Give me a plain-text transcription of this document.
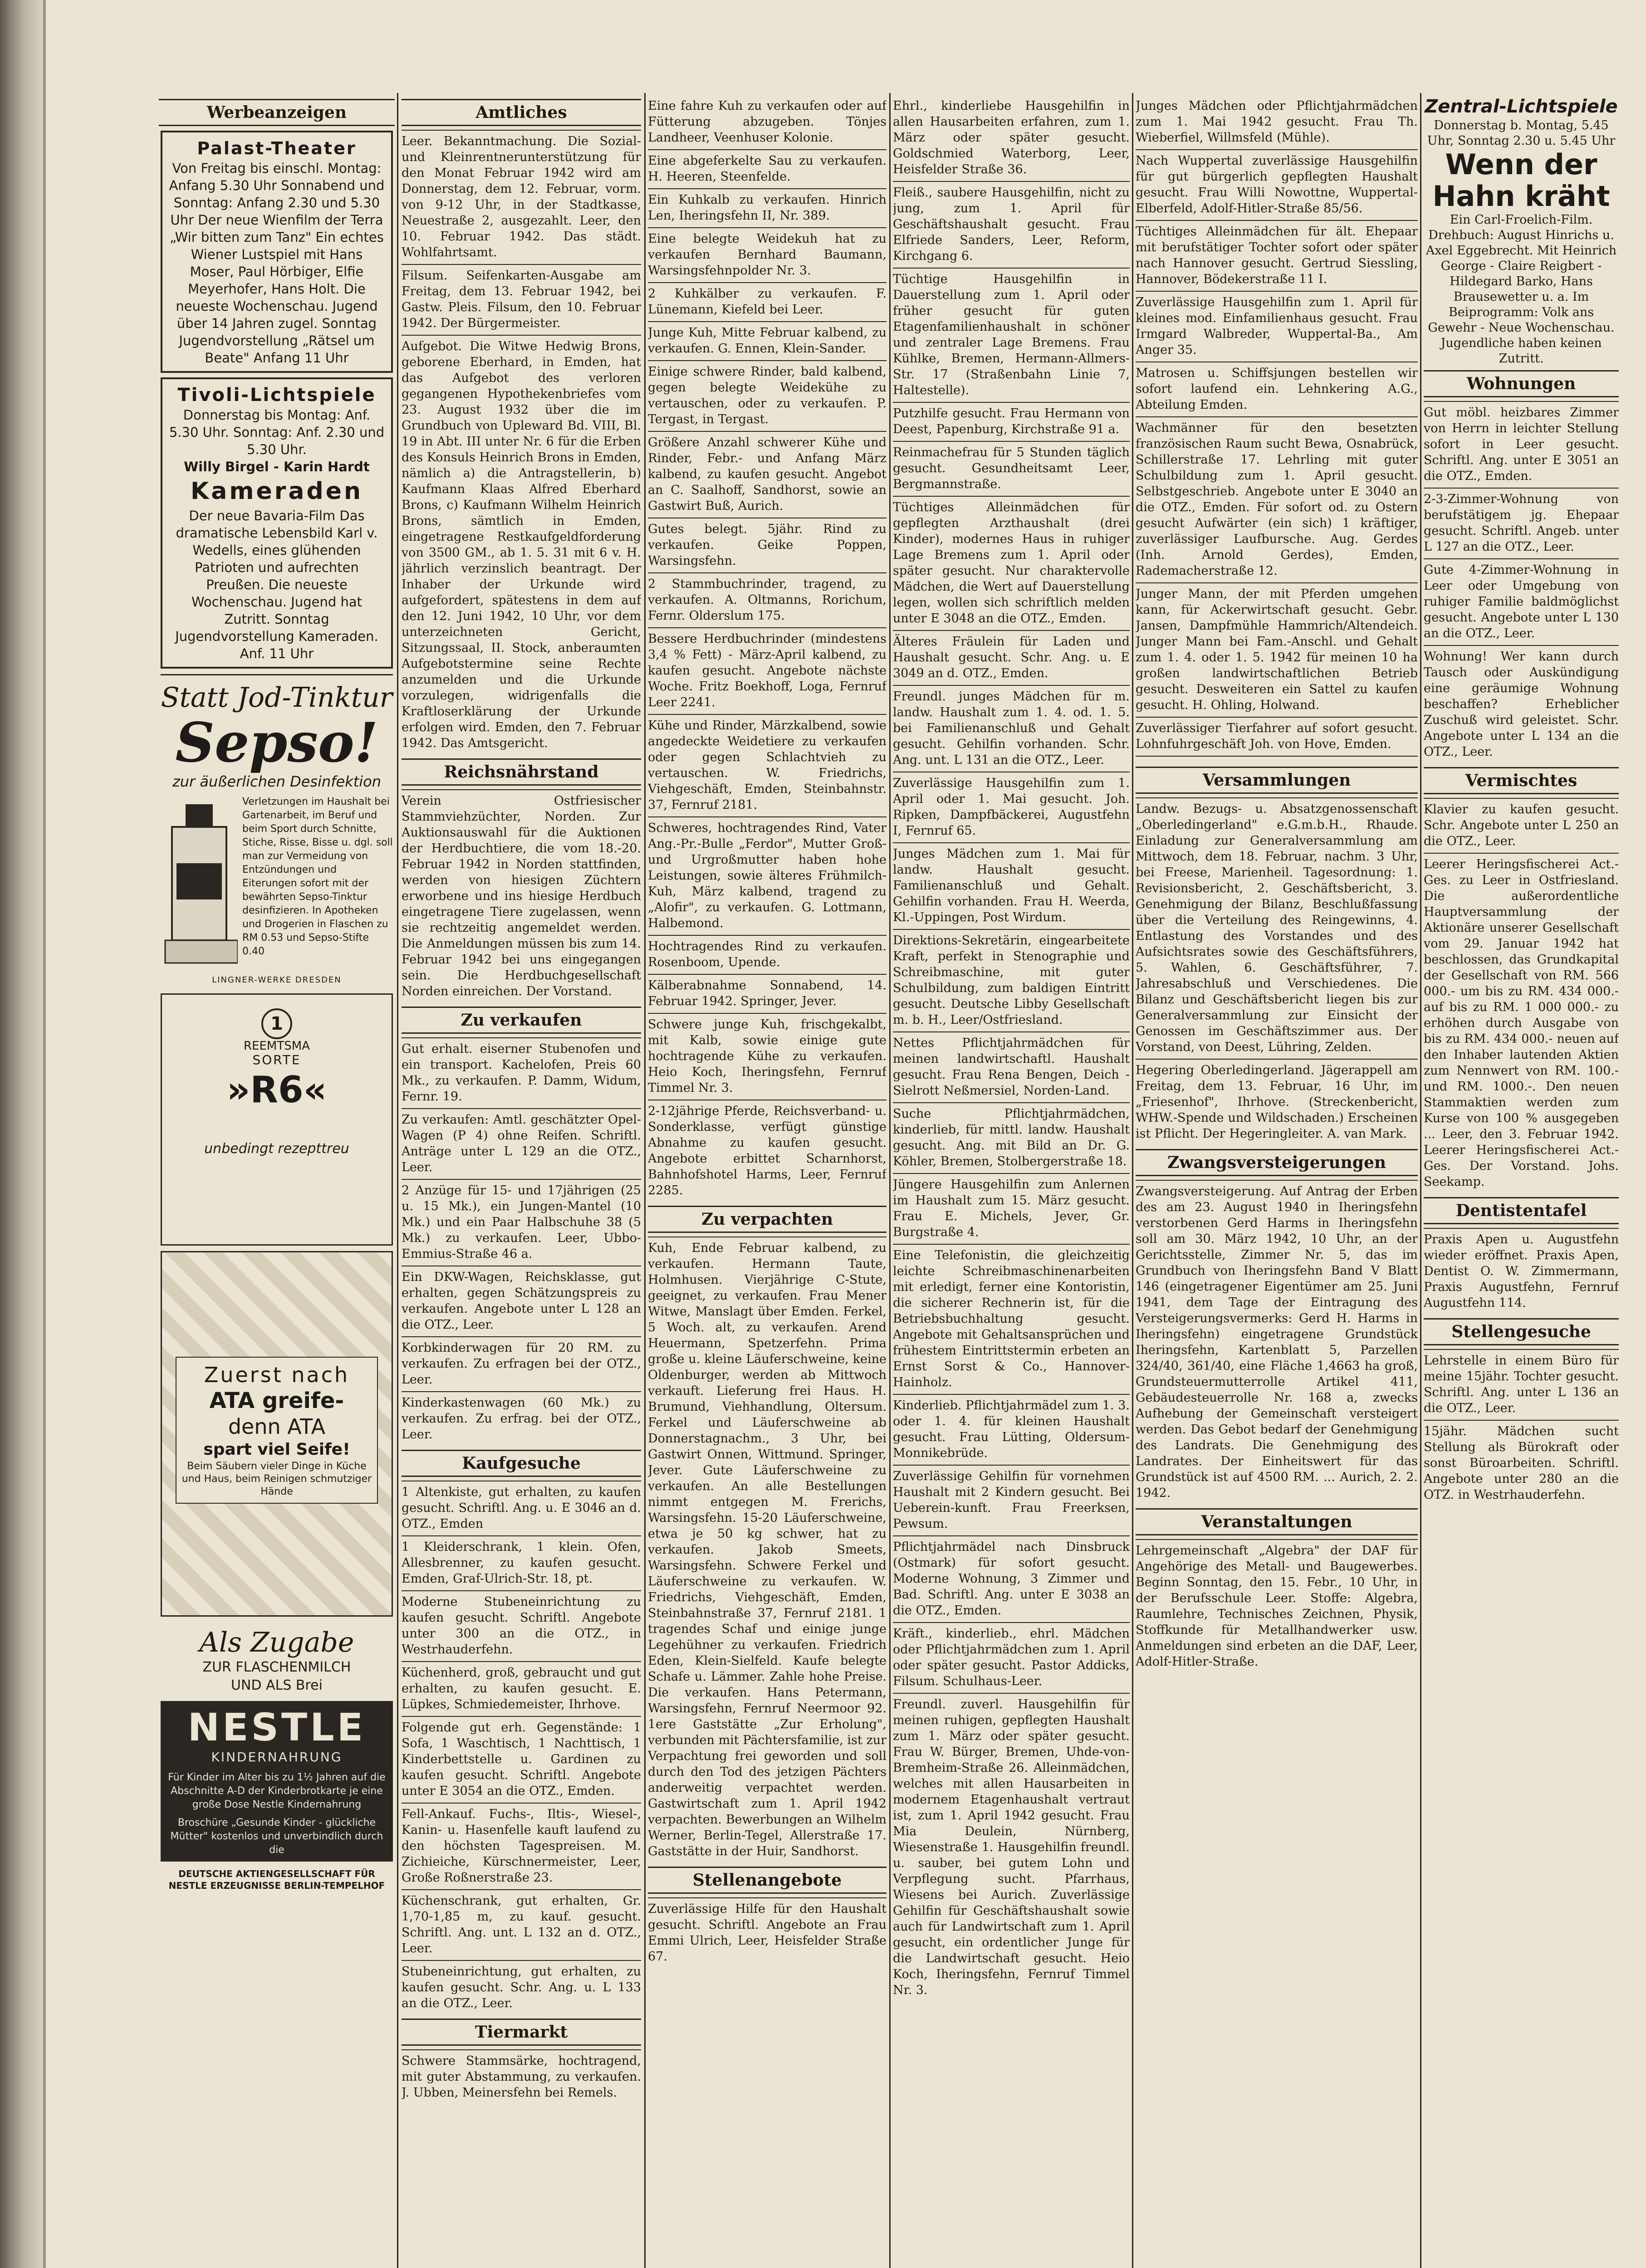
Werbeanzeigen
Palast-Theater
Von Freitag bis einschl. Montag: Anfang 5.30 Uhr Sonnabend und Sonntag: Anfang 2.30 und 5.30 Uhr Der neue Wienfilm der Terra „Wir bitten zum Tanz" Ein echtes Wiener Lustspiel mit Hans Moser, Paul Hörbiger, Elfie Meyerhofer, Hans Holt. Die neueste Wochenschau. Jugend über 14 Jahren zugel. Sonntag Jugendvorstellung „Rätsel um Beate" Anfang 11 Uhr
Tivoli-Lichtspiele
Donnerstag bis Montag: Anf. 5.30 Uhr. Sonntag: Anf. 2.30 und 5.30 Uhr.
Willy Birgel - Karin Hardt
Kameraden
Der neue Bavaria-Film Das dramatische Lebensbild Karl v. Wedells, eines glühenden Patrioten und aufrechten Preußen. Die neueste Wochenschau. Jugend hat Zutritt. Sonntag Jugendvorstellung Kameraden. Anf. 11 Uhr
Statt Jod-Tinktur
Sepso!
zur äußerlichen Desinfektion
Verletzungen im Haushalt bei Gartenarbeit, im Beruf und beim Sport durch Schnitte, Stiche, Risse, Bisse u. dgl. soll man zur Vermeidung von Entzündungen und Eiterungen sofort mit der bewährten Sepso-Tinktur desinfizieren. In Apotheken und Drogerien in Flaschen zu RM 0.53 und Sepso-Stifte 0.40
LINGNER-WERKE DRESDEN
1
REEMTSMA
SORTE
»R6«
unbedingt rezepttreu
Zuerst nach
ATA greife-
denn ATA
spart viel Seife!
Beim Säubern vieler Dinge in Küche und Haus, beim Reinigen schmutziger Hände
Als Zugabe
ZUR FLASCHENMILCH
UND ALS Brei
NESTLE
KINDERNAHRUNG
Für Kinder im Alter bis zu 1½ Jahren auf die Abschnitte A-D der Kinderbrotkarte je eine große Dose Nestle Kindernahrung
Broschüre „Gesunde Kinder - glückliche Mütter" kostenlos und unverbindlich durch die
DEUTSCHE AKTIENGESELLSCHAFT FÜR NESTLE ERZEUGNISSE BERLIN-TEMPELHOF
Amtliches
Leer. Bekanntmachung. Die Sozial- und Kleinrentnerunterstützung für den Monat Februar 1942 wird am Donnerstag, dem 12. Februar, vorm. von 9-12 Uhr, in der Stadtkasse, Neuestraße 2, ausgezahlt. Leer, den 10. Februar 1942. Das städt. Wohlfahrtsamt.
Filsum. Seifenkarten-Ausgabe am Freitag, dem 13. Februar 1942, bei Gastw. Pleis. Filsum, den 10. Februar 1942. Der Bürgermeister.
Aufgebot. Die Witwe Hedwig Brons, geborene Eberhard, in Emden, hat das Aufgebot des verloren gegangenen Hypothekenbriefes vom 23. August 1932 über die im Grundbuch von Upleward Bd. VIII, Bl. 19 in Abt. III unter Nr. 6 für die Erben des Konsuls Heinrich Brons in Emden, nämlich a) die Antragstellerin, b) Kaufmann Klaas Alfred Eberhard Brons, c) Kaufmann Wilhelm Heinrich Brons, sämtlich in Emden, eingetragene Restkaufgeldforderung von 3500 GM., ab 1. 5. 31 mit 6 v. H. jährlich verzinslich beantragt. Der Inhaber der Urkunde wird aufgefordert, spätestens in dem auf den 12. Juni 1942, 10 Uhr, vor dem unterzeichneten Gericht, Sitzungssaal, II. Stock, anberaumten Aufgebotstermine seine Rechte anzumelden und die Urkunde vorzulegen, widrigenfalls die Kraftloserklärung der Urkunde erfolgen wird. Emden, den 7. Februar 1942. Das Amtsgericht.
Reichsnährstand
Verein Ostfriesischer Stammviehzüchter, Norden. Zur Auktionsauswahl für die Auktionen der Herdbuchtiere, die vom 18.-20. Februar 1942 in Norden stattfinden, werden von hiesigen Züchtern erworbene und ins hiesige Herdbuch eingetragene Tiere zugelassen, wenn sie rechtzeitig angemeldet werden. Die Anmeldungen müssen bis zum 14. Februar 1942 bei uns eingegangen sein. Die Herdbuchgesellschaft Norden einreichen. Der Vorstand.
Zu verkaufen
Gut erhalt. eiserner Stubenofen und ein transport. Kachelofen, Preis 60 Mk., zu verkaufen. P. Damm, Widum, Fernr. 19.
Zu verkaufen: Amtl. geschätzter Opel-Wagen (P 4) ohne Reifen. Schriftl. Anträge unter L 129 an die OTZ., Leer.
2 Anzüge für 15- und 17jährigen (25 u. 15 Mk.), ein Jungen-Mantel (10 Mk.) und ein Paar Halbschuhe 38 (5 Mk.) zu verkaufen. Leer, Ubbo-Emmius-Straße 46 a.
Ein DKW-Wagen, Reichsklasse, gut erhalten, gegen Schätzungspreis zu verkaufen. Angebote unter L 128 an die OTZ., Leer.
Korbkinderwagen für 20 RM. zu verkaufen. Zu erfragen bei der OTZ., Leer.
Kinderkastenwagen (60 Mk.) zu verkaufen. Zu erfrag. bei der OTZ., Leer.
Kaufgesuche
1 Altenkiste, gut erhalten, zu kaufen gesucht. Schriftl. Ang. u. E 3046 an d. OTZ., Emden
1 Kleiderschrank, 1 klein. Ofen, Allesbrenner, zu kaufen gesucht. Emden, Graf-Ulrich-Str. 18, pt.
Moderne Stubeneinrichtung zu kaufen gesucht. Schriftl. Angebote unter 300 an die OTZ., in Westrhauderfehn.
Küchenherd, groß, gebraucht und gut erhalten, zu kaufen gesucht. E. Lüpkes, Schmiedemeister, Ihrhove.
Folgende gut erh. Gegenstände: 1 Sofa, 1 Waschtisch, 1 Nachttisch, 1 Kinderbettstelle u. Gardinen zu kaufen gesucht. Schriftl. Angebote unter E 3054 an die OTZ., Emden.
Fell-Ankauf. Fuchs-, Iltis-, Wiesel-, Kanin- u. Hasenfelle kauft laufend zu den höchsten Tagespreisen. M. Zichieiche, Kürschnermeister, Leer, Große Roßnerstraße 23.
Küchenschrank, gut erhalten, Gr. 1,70-1,85 m, zu kauf. gesucht. Schriftl. Ang. unt. L 132 an d. OTZ., Leer.
Stubeneinrichtung, gut erhalten, zu kaufen gesucht. Schr. Ang. u. L 133 an die OTZ., Leer.
Tiermarkt
Schwere Stammsärke, hochtragend, mit guter Abstammung, zu verkaufen. J. Ubben, Meinersfehn bei Remels.
Eine fahre Kuh zu verkaufen oder auf Fütterung abzugeben. Tönjes Landheer, Veenhuser Kolonie.
Eine abgeferkelte Sau zu verkaufen. H. Heeren, Steenfelde.
Ein Kuhkalb zu verkaufen. Hinrich Len, Iheringsfehn II, Nr. 389.
Eine belegte Weidekuh hat zu verkaufen Bernhard Baumann, Warsingsfehnpolder Nr. 3.
2 Kuhkälber zu verkaufen. F. Lünemann, Kiefeld bei Leer.
Junge Kuh, Mitte Februar kalbend, zu verkaufen. G. Ennen, Klein-Sander.
Einige schwere Rinder, bald kalbend, gegen belegte Weidekühe zu vertauschen, oder zu verkaufen. P. Tergast, in Tergast.
Größere Anzahl schwerer Kühe und Rinder, Febr.- und Anfang März kalbend, zu kaufen gesucht. Angebot an C. Saalhoff, Sandhorst, sowie an Gastwirt Buß, Aurich.
Gutes belegt. 5jähr. Rind zu verkaufen. Geike Poppen, Warsingsfehn.
2 Stammbuchrinder, tragend, zu verkaufen. A. Oltmanns, Rorichum, Fernr. Olderslum 175.
Bessere Herdbuchrinder (mindestens 3,4 % Fett) - März-April kalbend, zu kaufen gesucht. Angebote nächste Woche. Fritz Boekhoff, Loga, Fernruf Leer 2241.
Kühe und Rinder, Märzkalbend, sowie angedeckte Weidetiere zu verkaufen oder gegen Schlachtvieh zu vertauschen. W. Friedrichs, Viehgeschäft, Emden, Steinbahnstr. 37, Fernruf 2181.
Schweres, hochtragendes Rind, Vater Ang.-Pr.-Bulle „Ferdor", Mutter Groß- und Urgroßmutter haben hohe Leistungen, sowie älteres Frühmilch-Kuh, März kalbend, tragend zu „Alofir", zu verkaufen. G. Lottmann, Halbemond.
Hochtragendes Rind zu verkaufen. Rosenboom, Upende.
Kälberabnahme Sonnabend, 14. Februar 1942. Springer, Jever.
Schwere junge Kuh, frischgekalbt, mit Kalb, sowie einige gute hochtragende Kühe zu verkaufen. Heio Koch, Iheringsfehn, Fernruf Timmel Nr. 3.
2-12jährige Pferde, Reichsverband- u. Sonderklasse, verfügt günstige Abnahme zu kaufen gesucht. Angebote erbittet Scharnhorst, Bahnhofshotel Harms, Leer, Fernruf 2285.
Zu verpachten
Kuh, Ende Februar kalbend, zu verkaufen. Hermann Taute, Holmhusen. Vierjährige C-Stute, geeignet, zu verkaufen. Frau Mener Witwe, Manslagt über Emden. Ferkel, 5 Woch. alt, zu verkaufen. Arend Heuermann, Spetzerfehn. Prima große u. kleine Läuferschweine, keine Oldenburger, werden ab Mittwoch verkauft. Lieferung frei Haus. H. Brumund, Viehhandlung, Oltersum. Ferkel und Läuferschweine ab Donnerstagnachm., 3 Uhr, bei Gastwirt Onnen, Wittmund. Springer, Jever. Gute Läuferschweine zu verkaufen. An alle Bestellungen nimmt entgegen M. Frerichs, Warsingsfehn. 15-20 Läuferschweine, etwa je 50 kg schwer, hat zu verkaufen. Jakob Smeets, Warsingsfehn. Schwere Ferkel und Läuferschweine zu verkaufen. W. Friedrichs, Viehgeschäft, Emden, Steinbahnstraße 37, Fernruf 2181. 1 tragendes Schaf und einige junge Legehühner zu verkaufen. Friedrich Eden, Klein-Sielfeld. Kaufe belegte Schafe u. Lämmer. Zahle hohe Preise. Die verkaufen. Hans Petermann, Warsingsfehn, Fernruf Neermoor 92. 1ere Gaststätte „Zur Erholung", verbunden mit Pächtersfamilie, ist zur Verpachtung frei geworden und soll durch den Tod des jetzigen Pächters anderweitig verpachtet werden. Gastwirtschaft zum 1. April 1942 verpachten. Bewerbungen an Wilhelm Werner, Berlin-Tegel, Allerstraße 17. Gaststätte in der Huir, Sandhorst.
Stellenangebote
Zuverlässige Hilfe für den Haushalt gesucht. Schriftl. Angebote an Frau Emmi Ulrich, Leer, Heisfelder Straße 67.
Ehrl., kinderliebe Hausgehilfin in allen Hausarbeiten erfahren, zum 1. März oder später gesucht. Goldschmied Waterborg, Leer, Heisfelder Straße 36.
Fleiß., saubere Hausgehilfin, nicht zu jung, zum 1. April für Geschäftshaushalt gesucht. Frau Elfriede Sanders, Leer, Reform, Kirchgang 6.
Tüchtige Hausgehilfin in Dauerstellung zum 1. April oder früher gesucht für guten Etagenfamilienhaushalt in schöner und zentraler Lage Bremens. Frau Kühlke, Bremen, Hermann-Allmers-Str. 17 (Straßenbahn Linie 7, Haltestelle).
Putzhilfe gesucht. Frau Hermann von Deest, Papenburg, Kirchstraße 91 a.
Reinmachefrau für 5 Stunden täglich gesucht. Gesundheitsamt Leer, Bergmannstraße.
Tüchtiges Alleinmädchen für gepflegten Arzthaushalt (drei Kinder), modernes Haus in ruhiger Lage Bremens zum 1. April oder später gesucht. Nur charaktervolle Mädchen, die Wert auf Dauerstellung legen, wollen sich schriftlich melden unter E 3048 an die OTZ., Emden.
Älteres Fräulein für Laden und Haushalt gesucht. Schr. Ang. u. E 3049 an d. OTZ., Emden.
Freundl. junges Mädchen für m. landw. Haushalt zum 1. 4. od. 1. 5. bei Familienanschluß und Gehalt gesucht. Gehilfin vorhanden. Schr. Ang. unt. L 131 an die OTZ., Leer.
Zuverlässige Hausgehilfin zum 1. April oder 1. Mai gesucht. Joh. Ripken, Dampfbäckerei, Augustfehn I, Fernruf 65.
Junges Mädchen zum 1. Mai für landw. Haushalt gesucht. Familienanschluß und Gehalt. Gehilfin vorhanden. Frau H. Weerda, Kl.-Uppingen, Post Wirdum.
Direktions-Sekretärin, eingearbeitete Kraft, perfekt in Stenographie und Schreibmaschine, mit guter Schulbildung, zum baldigen Eintritt gesucht. Deutsche Libby Gesellschaft m. b. H., Leer/Ostfriesland.
Nettes Pflichtjahrmädchen für meinen landwirtschaftl. Haushalt gesucht. Frau Rena Bengen, Deich - Sielrott Neßmersiel, Norden-Land.
Suche Pflichtjahrmädchen, kinderlieb, für mittl. landw. Haushalt gesucht. Ang. mit Bild an Dr. G. Köhler, Bremen, Stolbergerstraße 18.
Jüngere Hausgehilfin zum Anlernen im Haushalt zum 15. März gesucht. Frau E. Michels, Jever, Gr. Burgstraße 4.
Eine Telefonistin, die gleichzeitig leichte Schreibmaschinenarbeiten mit erledigt, ferner eine Kontoristin, die sicherer Rechnerin ist, für die Betriebsbuchhaltung gesucht. Angebote mit Gehaltsansprüchen und frühestem Eintrittstermin erbeten an Ernst Sorst & Co., Hannover-Hainholz.
Kinderlieb. Pflichtjahrmädel zum 1. 3. oder 1. 4. für kleinen Haushalt gesucht. Frau Lütting, Oldersum-Monnikebrüde.
Zuverlässige Gehilfin für vornehmen Haushalt mit 2 Kindern gesucht. Bei Ueberein-kunft. Frau Freerksen, Pewsum.
Pflichtjahrmädel nach Dinsbruck (Ostmark) für sofort gesucht. Moderne Wohnung, 3 Zimmer und Bad. Schriftl. Ang. unter E 3038 an die OTZ., Emden.
Kräft., kinderlieb., ehrl. Mädchen oder Pflichtjahrmädchen zum 1. April oder später gesucht. Pastor Addicks, Filsum. Schulhaus-Leer.
Freundl. zuverl. Hausgehilfin für meinen ruhigen, gepflegten Haushalt zum 1. März oder später gesucht. Frau W. Bürger, Bremen, Uhde-von-Bremheim-Straße 26. Alleinmädchen, welches mit allen Hausarbeiten in modernem Etagenhaushalt vertraut ist, zum 1. April 1942 gesucht. Frau Mia Deulein, Nürnberg, Wiesenstraße 1. Hausgehilfin freundl. u. sauber, bei gutem Lohn und Verpflegung sucht. Pfarrhaus, Wiesens bei Aurich. Zuverlässige Gehilfin für Geschäftshaushalt sowie auch für Landwirtschaft zum 1. April gesucht, ein ordentlicher Junge für die Landwirtschaft gesucht. Heio Koch, Iheringsfehn, Fernruf Timmel Nr. 3.
Junges Mädchen oder Pflichtjahrmädchen zum 1. Mai 1942 gesucht. Frau Th. Wieberfiel, Willmsfeld (Mühle).
Nach Wuppertal zuverlässige Hausgehilfin für gut bürgerlich gepflegten Haushalt gesucht. Frau Willi Nowottne, Wuppertal-Elberfeld, Adolf-Hitler-Straße 85/56.
Tüchtiges Alleinmädchen für ält. Ehepaar mit berufstätiger Tochter sofort oder später nach Hannover gesucht. Gertrud Siessling, Hannover, Bödekerstraße 11 I.
Zuverlässige Hausgehilfin zum 1. April für kleines mod. Einfamilienhaus gesucht. Frau Irmgard Walbreder, Wuppertal-Ba., Am Anger 35.
Matrosen u. Schiffsjungen bestellen wir sofort laufend ein. Lehnkering A.G., Abteilung Emden.
Wachmänner für den besetzten französischen Raum sucht Bewa, Osnabrück, Schillerstraße 17. Lehrling mit guter Schulbildung zum 1. April gesucht. Selbstgeschrieb. Angebote unter E 3040 an die OTZ., Emden. Für sofort od. zu Ostern gesucht Aufwärter (ein sich) 1 kräftiger, zuverlässiger Laufbursche. Aug. Gerdes (Inh. Arnold Gerdes), Emden, Rademacherstraße 12.
Junger Mann, der mit Pferden umgehen kann, für Ackerwirtschaft gesucht. Gebr. Jansen, Dampfmühle Hammrich/Altendeich. Junger Mann bei Fam.-Anschl. und Gehalt zum 1. 4. oder 1. 5. 1942 für meinen 10 ha großen landwirtschaftlichen Betrieb gesucht. Desweiteren ein Sattel zu kaufen gesucht. H. Ohling, Holwand.
Zuverlässiger Tierfahrer auf sofort gesucht. Lohnfuhrgeschäft Joh. von Hove, Emden.
Versammlungen
Landw. Bezugs- u. Absatzgenossenschaft „Oberledingerland" e.G.m.b.H., Rhaude. Einladung zur Generalversammlung am Mittwoch, dem 18. Februar, nachm. 3 Uhr, bei Freese, Marienheil. Tagesordnung: 1. Revisionsbericht, 2. Geschäftsbericht, 3. Genehmigung der Bilanz, Beschlußfassung über die Verteilung des Reingewinns, 4. Entlastung des Vorstandes und des Aufsichtsrates sowie des Geschäftsführers, 5. Wahlen, 6. Geschäftsführer, 7. Jahresabschluß und Verschiedenes. Die Bilanz und Geschäftsbericht liegen bis zur Generalversammlung zur Einsicht der Genossen im Geschäftszimmer aus. Der Vorstand, von Deest, Lühring, Zelden.
Hegering Oberledingerland. Jägerappell am Freitag, dem 13. Februar, 16 Uhr, im „Friesenhof", Ihrhove. (Streckenbericht, WHW.-Spende und Wildschaden.) Erscheinen ist Pflicht. Der Hegeringleiter. A. van Mark.
Zwangsversteigerungen
Zwangsversteigerung. Auf Antrag der Erben des am 23. August 1940 in Iheringsfehn verstorbenen Gerd Harms in Iheringsfehn soll am 30. März 1942, 10 Uhr, an der Gerichtsstelle, Zimmer Nr. 5, das im Grundbuch von Iheringsfehn Band V Blatt 146 (eingetragener Eigentümer am 25. Juni 1941, dem Tage der Eintragung des Versteigerungsvermerks: Gerd H. Harms in Iheringsfehn) eingetragene Grundstück Iheringsfehn, Kartenblatt 5, Parzellen 324/40, 361/40, eine Fläche 1,4663 ha groß, Grundsteuermutterrolle Artikel 411, Gebäudesteuerrolle Nr. 168 a, zwecks Aufhebung der Gemeinschaft versteigert werden. Das Gebot bedarf der Genehmigung des Landrats. Die Genehmigung des Landrates. Der Einheitswert für das Grundstück ist auf 4500 RM. ... Aurich, 2. 2. 1942.
Veranstaltungen
Lehrgemeinschaft „Algebra" der DAF für Angehörige des Metall- und Baugewerbes. Beginn Sonntag, den 15. Febr., 10 Uhr, in der Berufsschule Leer. Stoffe: Algebra, Raumlehre, Technisches Zeichnen, Physik, Stoffkunde für Metallhandwerker usw. Anmeldungen sind erbeten an die DAF, Leer, Adolf-Hitler-Straße.
Zentral-Lichtspiele
Donnerstag b. Montag, 5.45 Uhr, Sonntag 2.30 u. 5.45 Uhr
Wenn der Hahn kräht
Ein Carl-Froelich-Film. Drehbuch: August Hinrichs u. Axel Eggebrecht. Mit Heinrich George - Claire Reigbert - Hildegard Barko, Hans Brausewetter u. a. Im Beiprogramm: Volk ans Gewehr - Neue Wochenschau. Jugendliche haben keinen Zutritt.
Wohnungen
Gut möbl. heizbares Zimmer von Herrn in leichter Stellung sofort in Leer gesucht. Schriftl. Ang. unter E 3051 an die OTZ., Emden.
2-3-Zimmer-Wohnung von berufstätigem jg. Ehepaar gesucht. Schriftl. Angeb. unter L 127 an die OTZ., Leer.
Gute 4-Zimmer-Wohnung in Leer oder Umgebung von ruhiger Familie baldmöglichst gesucht. Angebote unter L 130 an die OTZ., Leer.
Wohnung! Wer kann durch Tausch oder Auskündigung eine geräumige Wohnung beschaffen? Erheblicher Zuschuß wird geleistet. Schr. Angebote unter L 134 an die OTZ., Leer.
Vermischtes
Klavier zu kaufen gesucht. Schr. Angebote unter L 250 an die OTZ., Leer.
Leerer Heringsfischerei Act.-Ges. zu Leer in Ostfriesland. Die außerordentliche Hauptversammlung der Aktionäre unserer Gesellschaft vom 29. Januar 1942 hat beschlossen, das Grundkapital der Gesellschaft von RM. 566 000.- um bis zu RM. 434 000.- auf bis zu RM. 1 000 000.- zu erhöhen durch Ausgabe von bis zu RM. 434 000.- neuen auf den Inhaber lautenden Aktien zum Nennwert von RM. 100.- und RM. 1000.-. Den neuen Stammaktien werden zum Kurse von 100 % ausgegeben ... Leer, den 3. Februar 1942. Leerer Heringsfischerei Act.-Ges. Der Vorstand. Johs. Seekamp.
Dentistentafel
Praxis Apen u. Augustfehn wieder eröffnet. Praxis Apen, Dentist O. W. Zimmermann, Praxis Augustfehn, Fernruf Augustfehn 114.
Stellengesuche
Lehrstelle in einem Büro für meine 15jähr. Tochter gesucht. Schriftl. Ang. unter L 136 an die OTZ., Leer.
15jähr. Mädchen sucht Stellung als Bürokraft oder sonst Büroarbeiten. Schriftl. Angebote unter 280 an die OTZ. in Westrhauderfehn.
